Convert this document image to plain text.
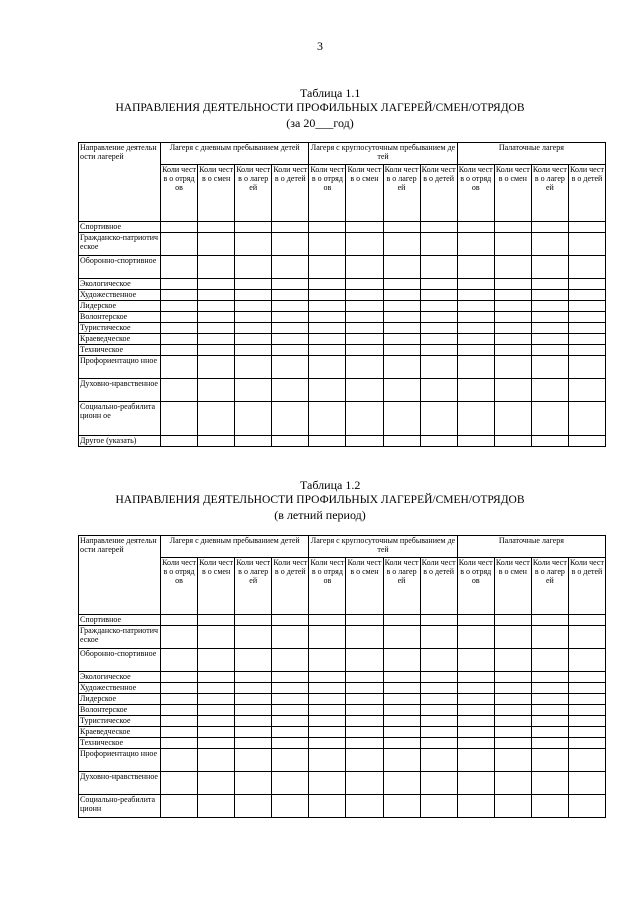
3
Таблица 1.1
НАПРАВЛЕНИЯ ДЕЯТЕЛЬНОСТИ ПРОФИЛЬНЫХ ЛАГЕРЕЙ/СМЕН/ОТРЯДОВ
(за 20___год)
Направление деятельности лагерей	Лагеря с дневным пребыванием детей				Лагеря с круглосуточным пребыванием детей				Палаточные лагеря			
	Коли честв о отряд ов	Коли честв о смен	Коли честв о лагер ей	Коли честв о детей	Коли честв о отряд ов	Коли честв о смен	Коли честв о лагер ей	Коли честв о детей	Коли честв о отряд ов	Коли честв о смен	Коли честв о лагер ей	Коли честв о детей
Спортивное												
Гражданско-патриотическое												
Оборонно-спортивное												
Экологическое												
Художественное												
Лидерское												
Волонтерское												
Туристическое												
Краеведческое												
Техническое												
Профориентацио нное												
Духовно-нравственное												
Социально-реабилитационн ое												
Другое (указать)												
Таблица 1.2
НАПРАВЛЕНИЯ ДЕЯТЕЛЬНОСТИ ПРОФИЛЬНЫХ ЛАГЕРЕЙ/СМЕН/ОТРЯДОВ
(в летний период)
Направление деятельности лагерей	Лагеря с дневным пребыванием детей				Лагеря с круглосуточным пребыванием детей				Палаточные лагеря			
	Коли честв о отряд ов	Коли честв о смен	Коли честв о лагер ей	Коли честв о детей	Коли честв о отряд ов	Коли честв о смен	Коли честв о лагер ей	Коли честв о детей	Коли честв о отряд ов	Коли честв о смен	Коли честв о лагер ей	Коли честв о детей
Спортивное												
Гражданско-патриотическое												
Оборонно-спортивное												
Экологическое												
Художественное												
Лидерское												
Волонтерское												
Туристическое												
Краеведческое												
Техническое												
Профориентацио нное												
Духовно-нравственное												
Социально-реабилитационн												
